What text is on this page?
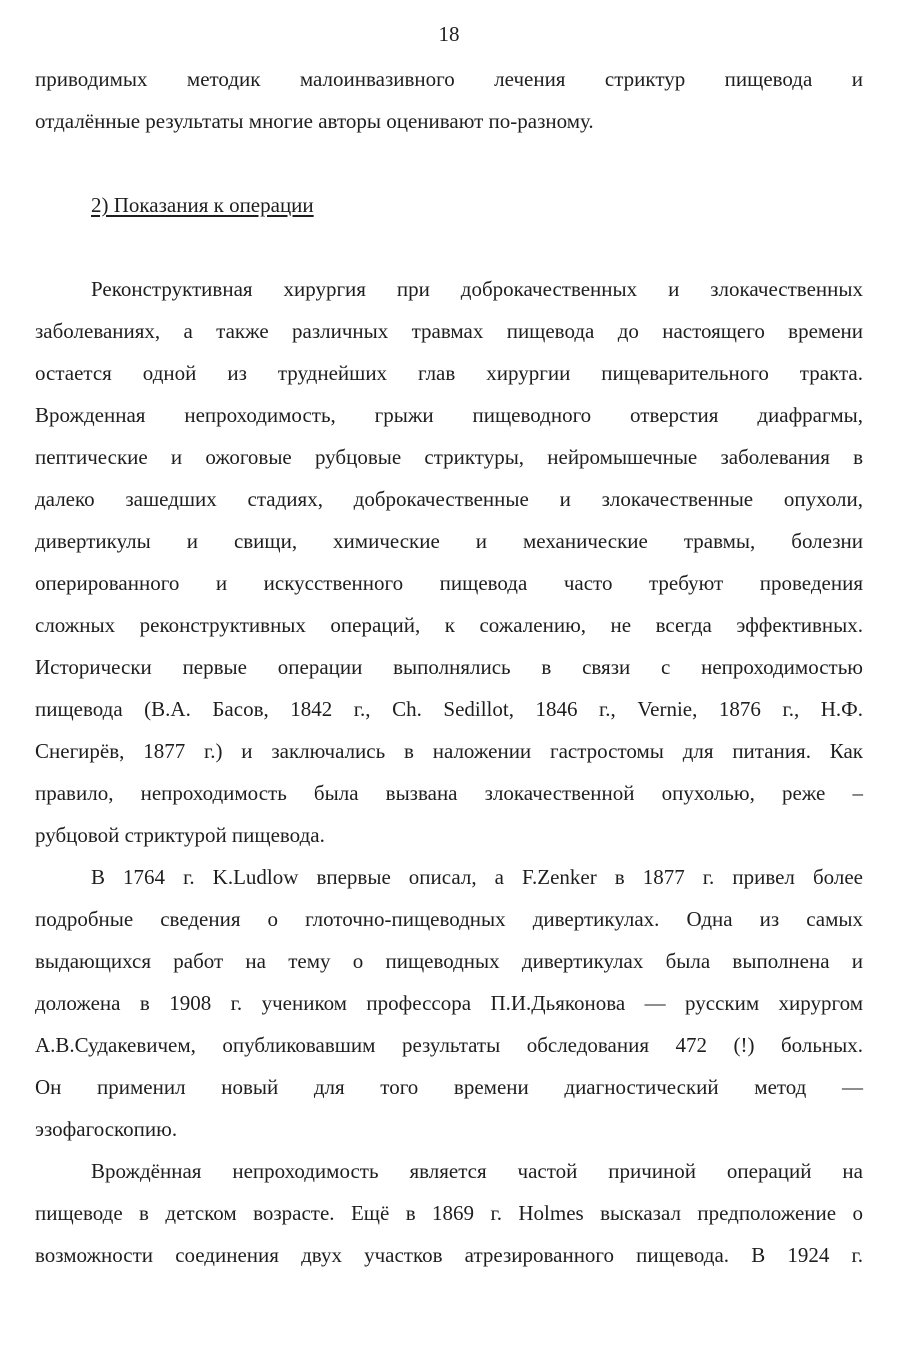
18

приводимых методик малоинвазивного лечения стриктур пищевода и
отдалённые результаты многие авторы оценивают по-разному.

2) Показания к операции

Реконструктивная хирургия при доброкачественных и злокачественных
заболеваниях, а также различных травмах пищевода до настоящего времени
остается одной из труднейших глав хирургии пищеварительного тракта.
Врожденная непроходимость, грыжи пищеводного отверстия диафрагмы,
пептические и ожоговые рубцовые стриктуры, нейромышечные заболевания в
далеко зашедших стадиях, доброкачественные и злокачественные опухоли,
дивертикулы и свищи, химические и механические травмы, болезни
оперированного и искусственного пищевода часто требуют проведения
сложных реконструктивных операций, к сожалению, не всегда эффективных.
Исторически первые операции выполнялись в связи с непроходимостью
пищевода (В.А. Басов, 1842 г., Ch. Sedillot, 1846 г., Vernie, 1876 г., Н.Ф.
Снегирёв, 1877 г.) и заключались в наложении гастростомы для питания. Как
правило, непроходимость была вызвана злокачественной опухолью, реже –
рубцовой стриктурой пищевода.

В 1764 г. K.Ludlow впервые описал, а F.Zenker в 1877 г. привел более
подробные сведения о глоточно-пищеводных дивертикулах. Одна из самых
выдающихся работ на тему о пищеводных дивертикулах была выполнена и
доложена в 1908 г. учеником профессора П.И.Дьяконова — русским хирургом
А.В.Судакевичем, опубликовавшим результаты обследования 472 (!) больных.
Он применил новый для того времени диагностический метод —
эзофагоскопию.

Врождённая непроходимость является частой причиной операций на
пищеводе в детском возрасте. Ещё в 1869 г. Holmes высказал предположение о
возможности соединения двух участков атрезированного пищевода. В 1924 г.
